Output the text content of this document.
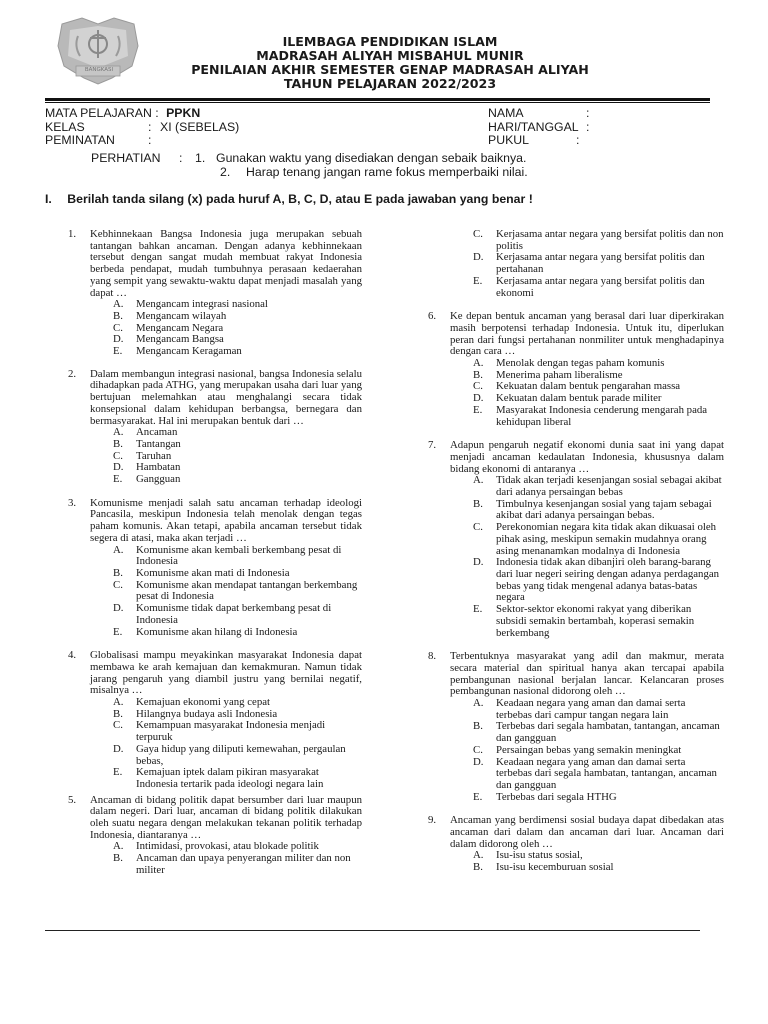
BANGKASI
ILEMBAGA PENDIDIKAN ISLAM
MADRASAH ALIYAH MISBAHUL MUNIR
PENILAIAN AKHIR SEMESTER GENAP MADRASAH ALIYAH
TAHUN PELAJARAN 2022/2023
MATA PELAJARAN : PPKN
KELAS	: XI (SEBELAS)
PEMINATAN	:
NAMA	:
HARI/TANGGAL :
PUKUL	:
PERHATIAN : 1. Gunakan waktu yang disediakan dengan sebaik baiknya.
2. Harap tenang jangan rame fokus memperbaiki nilai.
I. Berilah tanda silang (x) pada huruf A, B, C, D, atau E pada jawaban yang benar !
1. Kebhinnekaan Bangsa Indonesia juga merupakan sebuah tantangan bahkan ancaman. Dengan adanya kebhinnekaan tersebut dengan sangat mudah membuat rakyat Indonesia berbeda pendapat, mudah tumbuhnya perasaan kedaerahan yang sempit yang sewaktu-waktu dapat menjadi masalah yang dapat …
A. Mengancam integrasi nasional
B. Mengancam wilayah
C. Mengancam Negara
D. Mengancam Bangsa
E. Mengancam Keragaman
2. Dalam membangun integrasi nasional, bangsa Indonesia selalu dihadapkan pada ATHG, yang merupakan usaha dari luar yang bertujuan melemahkan atau menghalangi secara tidak konsepsional dalam kehidupan berbangsa, bernegara dan bermasyarakat. Hal ini merupakan bentuk dari …
A. Ancaman
B. Tantangan
C. Taruhan
D. Hambatan
E. Gangguan
3. Komunisme menjadi salah satu ancaman terhadap ideologi Pancasila, meskipun Indonesia telah menolak dengan tegas paham komunis. Akan tetapi, apabila ancaman tersebut tidak segera di atasi, maka akan terjadi …
A. Komunisme akan kembali berkembang pesat di Indonesia
B. Komunisme akan mati di Indonesia
C. Komunisme akan mendapat tantangan berkembang pesat di Indonesia
D. Komunisme tidak dapat berkembang pesat di Indonesia
E. Komunisme akan hilang di Indonesia
4. Globalisasi mampu meyakinkan masyarakat Indonesia dapat membawa ke arah kemajuan dan kemakmuran. Namun tidak jarang pengaruh yang diambil justru yang bernilai negatif, misalnya …
A. Kemajuan ekonomi yang cepat
B. Hilangnya budaya asli Indonesia
C. Kemampuan masyarakat Indonesia menjadi terpuruk
D. Gaya hidup yang diliputi kemewahan, pergaulan bebas,
E. Kemajuan iptek dalam pikiran masyarakat Indonesia tertarik pada ideologi negara lain
5. Ancaman di bidang politik dapat bersumber dari luar maupun dalam negeri. Dari luar, ancaman di bidang politik dilakukan oleh suatu negara dengan melakukan tekanan politik terhadap Indonesia, diantaranya …
A. Intimidasi, provokasi, atau blokade politik
B. Ancaman dan upaya penyerangan militer dan non militer
C. Kerjasama antar negara yang bersifat politis dan non politis
D. Kerjasama antar negara yang bersifat politis dan pertahanan
E. Kerjasama antar negara yang bersifat politis dan ekonomi
6. Ke depan bentuk ancaman yang berasal dari luar diperkirakan masih berpotensi terhadap Indonesia. Untuk itu, diperlukan peran dari fungsi pertahanan nonmiliter untuk menghadapinya dengan cara …
A. Menolak dengan tegas paham komunis
B. Menerima paham liberalisme
C. Kekuatan dalam bentuk pengarahan massa
D. Kekuatan dalam bentuk parade militer
E. Masyarakat Indonesia cenderung mengarah pada kehidupan liberal
7. Adapun pengaruh negatif ekonomi dunia saat ini yang dapat menjadi ancaman kedaulatan Indonesia, khususnya dalam bidang ekonomi di antaranya …
A. Tidak akan terjadi kesenjangan sosial sebagai akibat dari adanya persaingan bebas
B. Timbulnya kesenjangan sosial yang tajam sebagai akibat dari adanya persaingan bebas.
C. Perekonomian negara kita tidak akan dikuasai oleh pihak asing, meskipun semakin mudahnya orang asing menanamkan modalnya di Indonesia
D. Indonesia tidak akan dibanjiri oleh barang-barang dari luar negeri seiring dengan adanya perdagangan bebas yang tidak mengenal adanya batas-batas negara
E. Sektor-sektor ekonomi rakyat yang diberikan subsidi semakin bertambah, koperasi semakin berkembang
8. Terbentuknya masyarakat yang adil dan makmur, merata secara material dan spiritual hanya akan tercapai apabila pembangunan nasional berjalan lancar. Kelancaran proses pembangunan nasional didorong oleh …
A. Keadaan negara yang aman dan damai serta terbebas dari campur tangan negara lain
B. Terbebas dari segala hambatan, tantangan, ancaman dan gangguan
C. Persaingan bebas yang semakin meningkat
D. Keadaan negara yang aman dan damai serta terbebas dari segala hambatan, tantangan, ancaman dan gangguan
E. Terbebas dari segala HTHG
9. Ancaman yang berdimensi sosial budaya dapat dibedakan atas ancaman dari dalam dan ancaman dari luar. Ancaman dari dalam didorong oleh …
A. Isu-isu status sosial,
B. Isu-isu kecemburuan sosial
